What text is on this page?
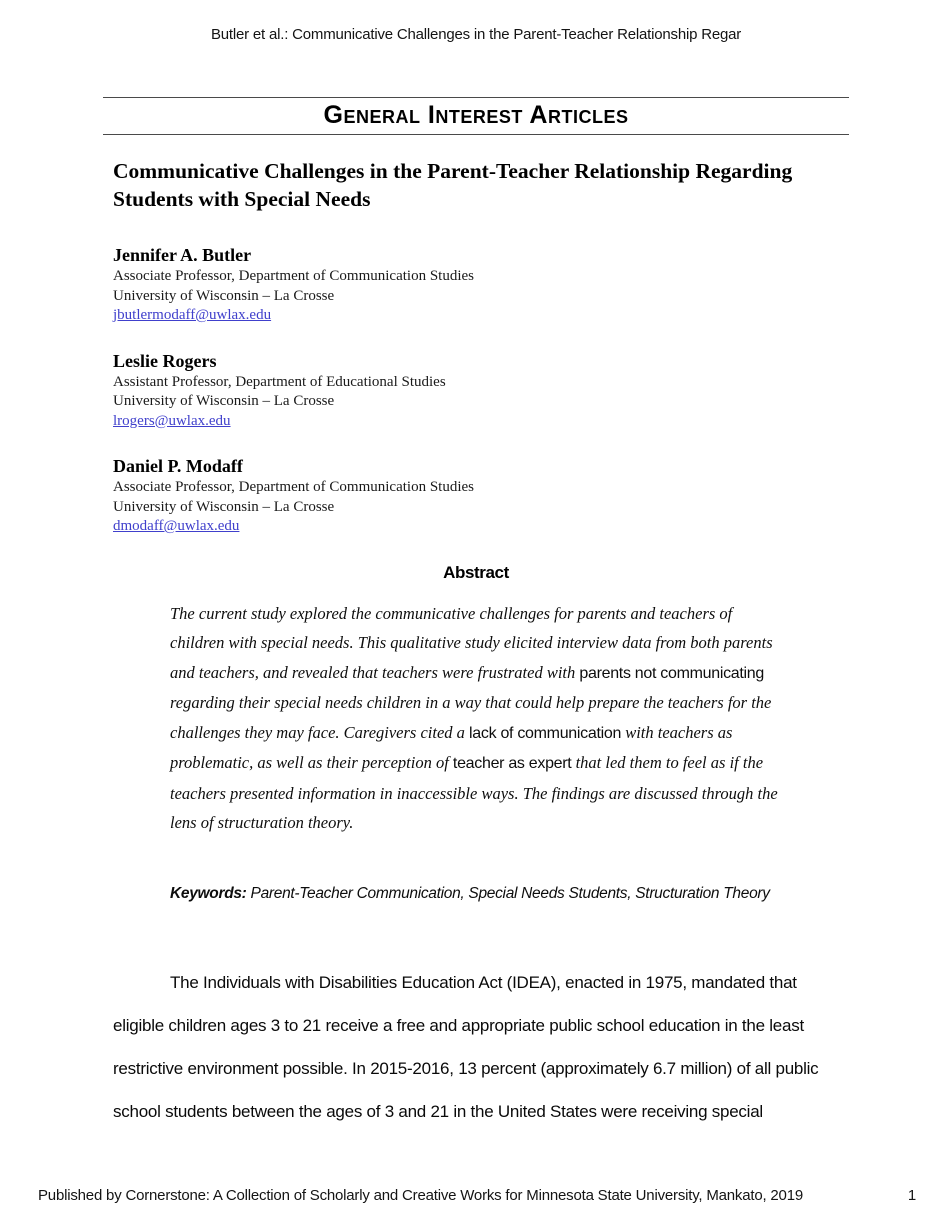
Butler et al.: Communicative Challenges in the Parent-Teacher Relationship Regar
General Interest Articles
Communicative Challenges in the Parent-Teacher Relationship Regarding Students with Special Needs
Jennifer A. Butler
Associate Professor, Department of Communication Studies
University of Wisconsin – La Crosse
jbutlermodaff@uwlax.edu
Leslie Rogers
Assistant Professor, Department of Educational Studies
University of Wisconsin – La Crosse
lrogers@uwlax.edu
Daniel P. Modaff
Associate Professor, Department of Communication Studies
University of Wisconsin – La Crosse
dmodaff@uwlax.edu
Abstract
The current study explored the communicative challenges for parents and teachers of children with special needs. This qualitative study elicited interview data from both parents and teachers, and revealed that teachers were frustrated with parents not communicating regarding their special needs children in a way that could help prepare the teachers for the challenges they may face. Caregivers cited a lack of communication with teachers as problematic, as well as their perception of teacher as expert that led them to feel as if the teachers presented information in inaccessible ways. The findings are discussed through the lens of structuration theory.
Keywords: Parent-Teacher Communication, Special Needs Students, Structuration Theory
The Individuals with Disabilities Education Act (IDEA), enacted in 1975, mandated that eligible children ages 3 to 21 receive a free and appropriate public school education in the least restrictive environment possible. In 2015-2016, 13 percent (approximately 6.7 million) of all public school students between the ages of 3 and 21 in the United States were receiving special
Published by Cornerstone: A Collection of Scholarly and Creative Works for Minnesota State University, Mankato, 2019	1
